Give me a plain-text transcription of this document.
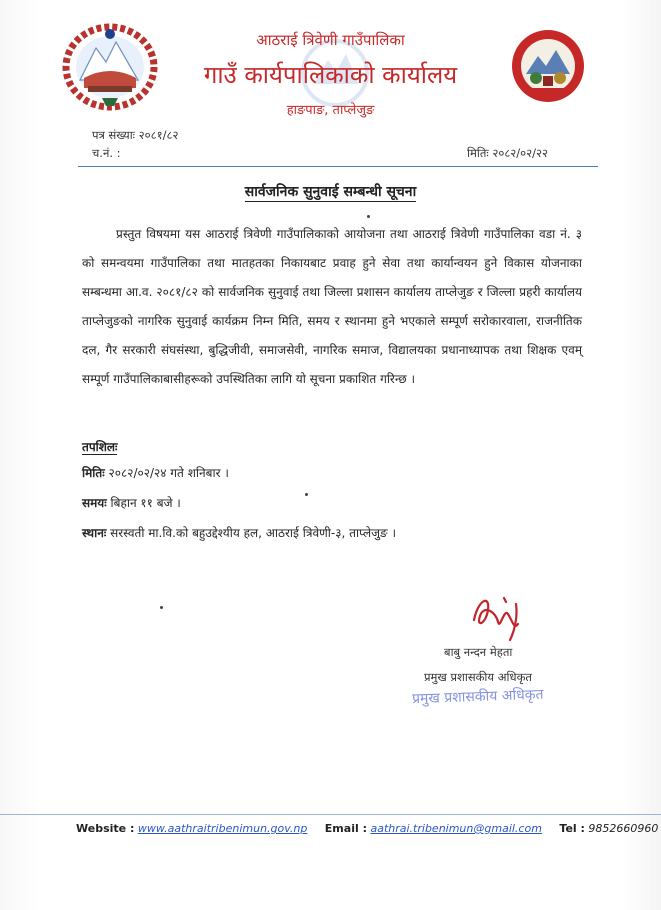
आठराई त्रिवेणी गाउँपालिका
गाउँ कार्यपालिकाको कार्यालय
हाङपाङ, ताप्लेजुङ
पत्र संख्याः २०८१/८२
च.नं. :	मितिः २०८२/०२/२२
सार्वजनिक सुनुवाई सम्बन्धी सूचना

प्रस्तुत विषयमा यस आठराई त्रिवेणी गाउँपालिकाको आयोजना तथा आठराई त्रिवेणी गाउँपालिका वडा नं. ३ को समन्वयमा गाउँपालिका तथा मातहतका निकायबाट प्रवाह हुने सेवा तथा कार्यान्वयन हुने विकास योजनाका सम्बन्धमा आ.व. २०८१/८२ को सार्वजनिक सुनुवाई तथा जिल्ला प्रशासन कार्यालय ताप्लेजुङ र जिल्ला प्रहरी कार्यालय ताप्लेजुङको नागरिक सुनुवाई कार्यक्रम निम्न मिति, समय र स्थानमा हुने भएकाले सम्पूर्ण सरोकारवाला, राजनीतिक दल, गैर सरकारी संघसंस्था, बुद्धिजीवी, समाजसेवी, नागरिक समाज, विद्यालयका प्रधानाध्यापक तथा शिक्षक एवम् सम्पूर्ण गाउँपालिकाबासीहरूको उपस्थितिका लागि यो सूचना प्रकाशित गरिन्छ ।

तपशिलः
मितिः २०८२/०२/२४ गते शनिबार ।
समयः बिहान ११ बजे ।
स्थानः सरस्वती मा.वि.को बहुउद्देश्यीय हल, आठराई त्रिवेणी-३, ताप्लेजुङ ।
बाबु नन्दन मेहता
प्रमुख प्रशासकीय अधिकृत
प्रमुख प्रशासकीय अधिकृत
Website : www.aathraitribenimun.gov.np Email : aathrai.tribenimun@gmail.com Tel : 9852660960
